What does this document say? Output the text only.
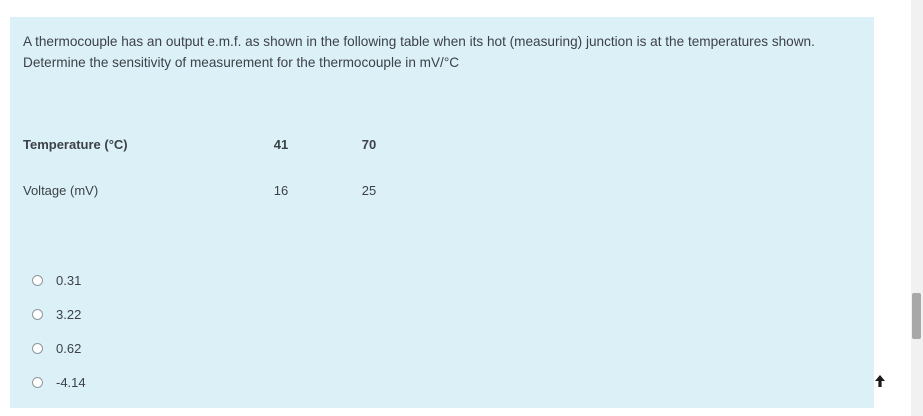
A thermocouple has an output e.m.f. as shown in the following table when its hot (measuring) junction is at the temperatures shown. Determine the sensitivity of measurement for the thermocouple in mV/°C

Temperature (°C)	41	70

Voltage (mV)	16	25
0.31
3.22
0.62
-4.14
